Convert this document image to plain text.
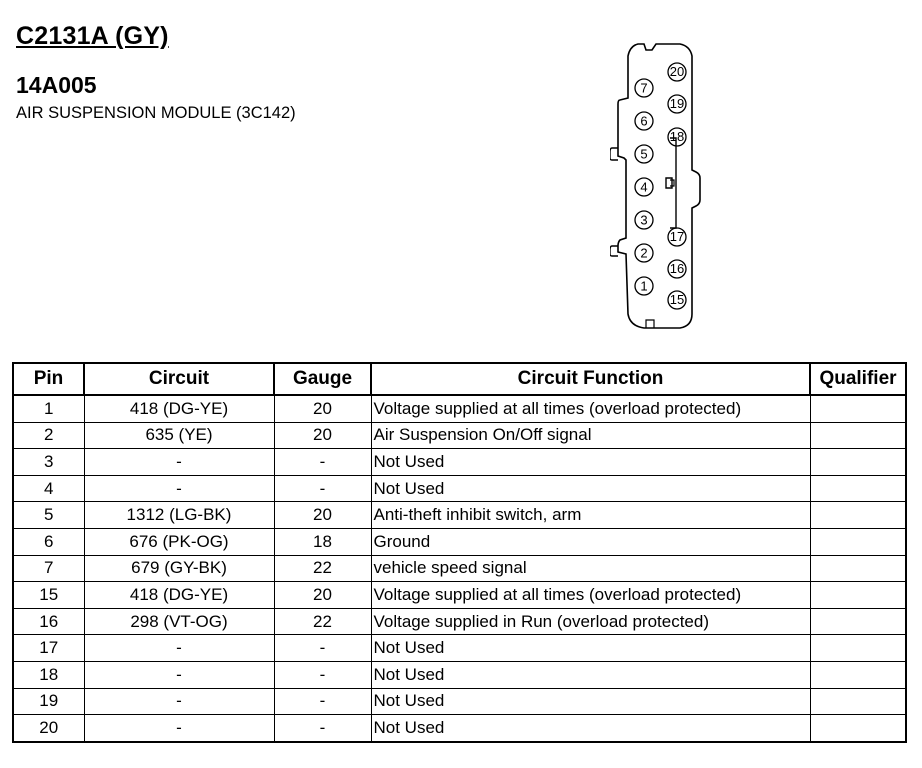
C2131A (GY)
14A005
AIR SUSPENSION MODULE (3C142)
7
6
5
4
3
2
1
20
19
18
17
16
15
Pin	Circuit	Gauge	Circuit Function	Qualifier
1	418 (DG-YE)	20	Voltage supplied at all times (overload protected)	
2	635 (YE)	20	Air Suspension On/Off signal	
3	-	-	Not Used	
4	-	-	Not Used	
5	1312 (LG-BK)	20	Anti-theft inhibit switch, arm	
6	676 (PK-OG)	18	Ground	
7	679 (GY-BK)	22	vehicle speed signal	
15	418 (DG-YE)	20	Voltage supplied at all times (overload protected)	
16	298 (VT-OG)	22	Voltage supplied in Run (overload protected)	
17	-	-	Not Used	
18	-	-	Not Used	
19	-	-	Not Used	
20	-	-	Not Used	
